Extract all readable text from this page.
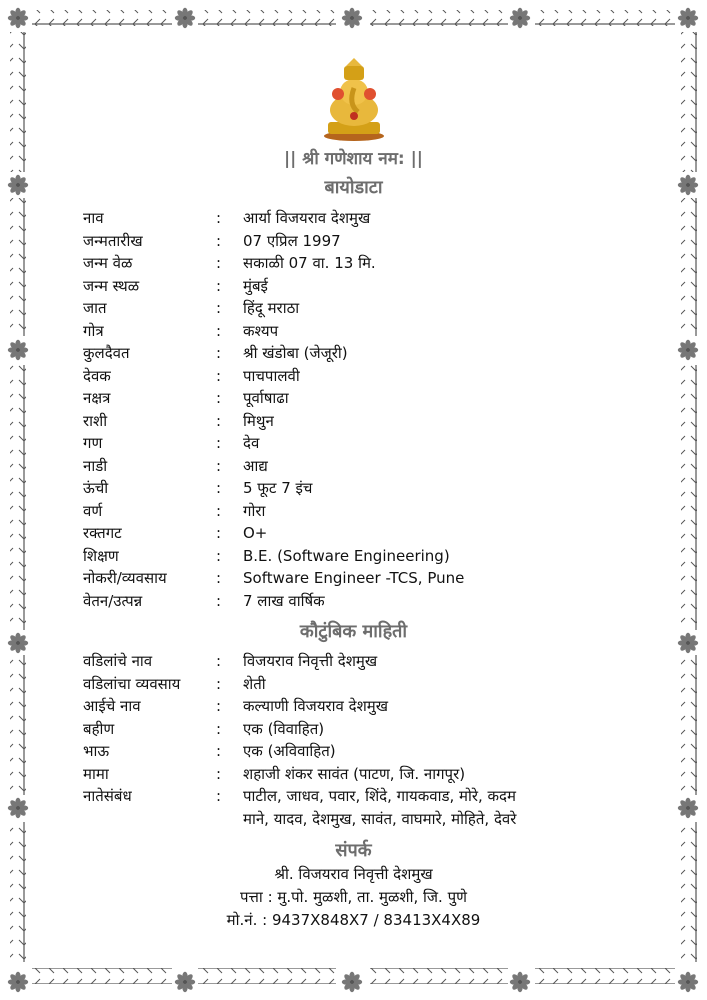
|| श्री गणेशाय नम: ||
बायोडाटा
नाव	:	आर्या विजयराव देशमुख
जन्मतारीख	:	07 एप्रिल 1997
जन्म वेळ	:	सकाळी 07 वा. 13 मि.
जन्म स्थळ	:	मुंबई
जात	:	हिंदू मराठा
गोत्र	:	कश्यप
कुलदैवत	:	श्री खंडोबा (जेजूरी)
देवक	:	पाचपालवी
नक्षत्र	:	पूर्वाषाढा
राशी	:	मिथुन
गण	:	देव
नाडी	:	आद्य
ऊंची	:	5 फूट 7 इंच
वर्ण	:	गोरा
रक्तगट	:	O+
शिक्षण	:	B.E. (Software Engineering)
नोकरी/व्यवसाय	:	Software Engineer -TCS, Pune
वेतन/उत्पन्न	:	7 लाख वार्षिक
कौटुंबिक माहिती
वडिलांचे नाव	:	विजयराव निवृत्ती देशमुख
वडिलांचा व्यवसाय	:	शेती
आईचे नाव	:	कल्याणी विजयराव देशमुख
बहीण	:	एक (विवाहित)
भाऊ	:	एक (अविवाहित)
मामा	:	शहाजी शंकर सावंत (पाटण, जि. नागपूर)
नातेसंबंध	:	पाटील, जाधव, पवार, शिंदे, गायकवाड, मोरे, कदम
माने, यादव, देशमुख, सावंत, वाघमारे, मोहिते, देवरे
संपर्क
श्री. विजयराव निवृत्ती देशमुख
पत्ता : मु.पो. मुळशी, ता. मुळशी, जि. पुणे
मो.नं. : 9437X848X7 / 83413X4X89
